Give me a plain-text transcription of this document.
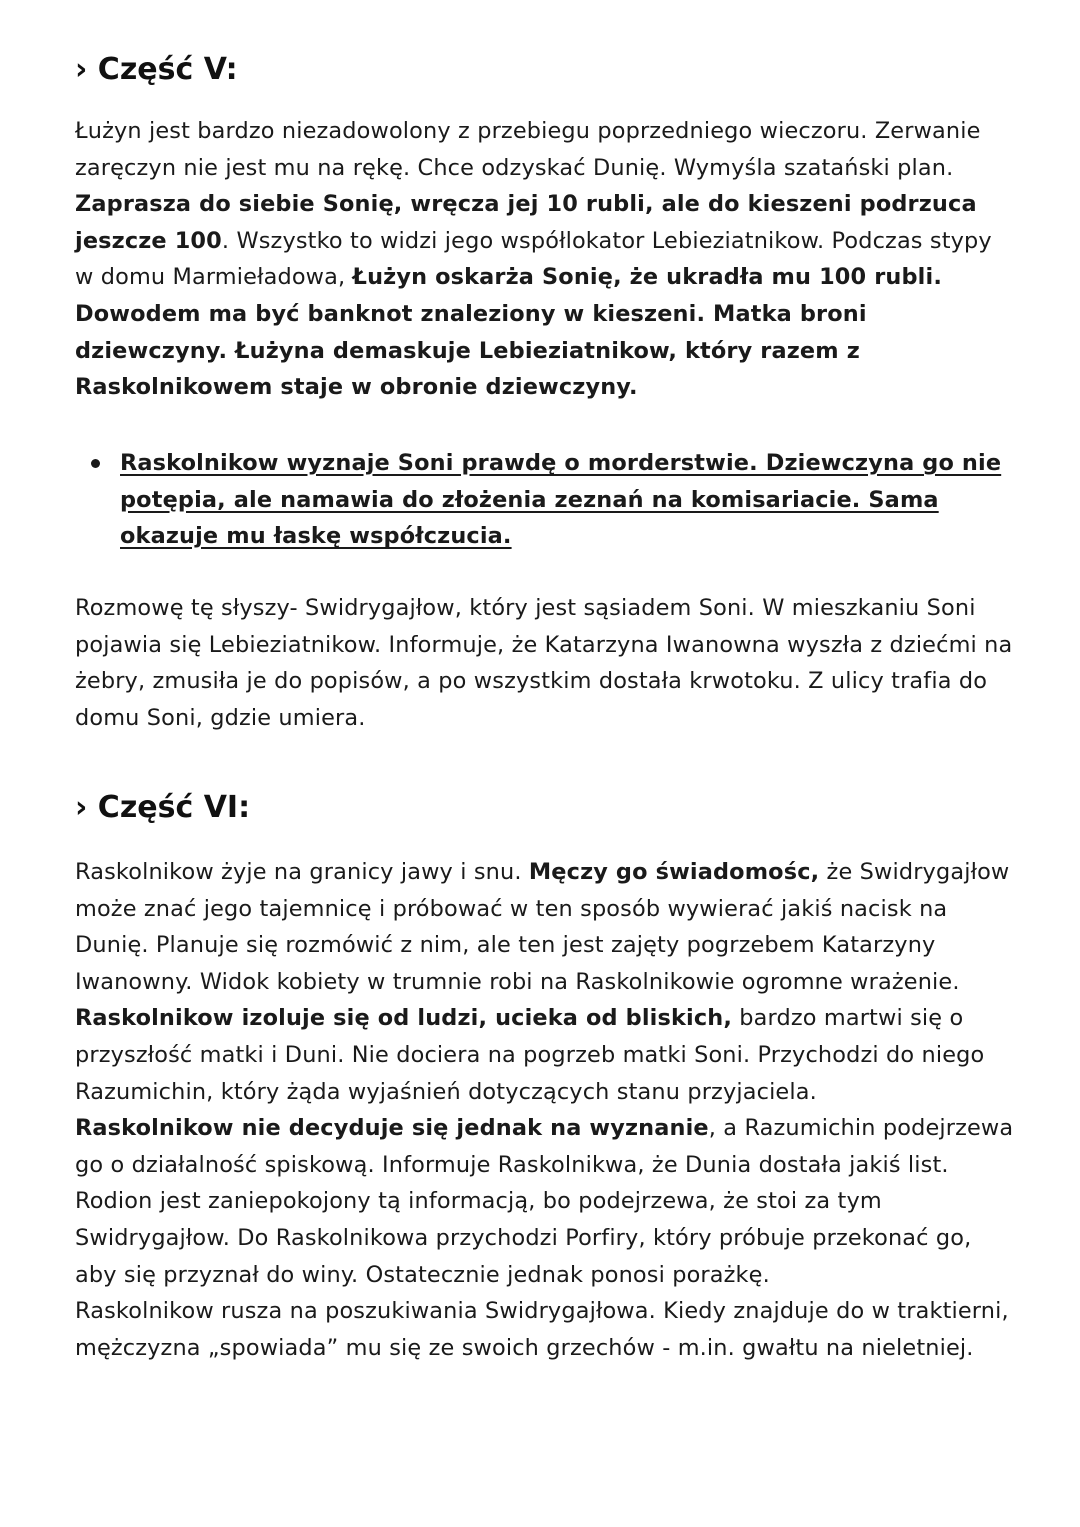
› Część V:

Łużyn jest bardzo niezadowolony z przebiegu poprzedniego wieczoru. Zerwanie zaręczyn nie jest mu na rękę. Chce odzyskać Dunię. Wymyśla szatański plan. Zaprasza do siebie Sonię, wręcza jej 10 rubli, ale do kieszeni podrzuca jeszcze 100. Wszystko to widzi jego współlokator Lebieziatnikow. Podczas stypy w domu Marmieładowa, Łużyn oskarża Sonię, że ukradła mu 100 rubli. Dowodem ma być banknot znaleziony w kieszeni. Matka broni dziewczyny. Łużyna demaskuje Lebieziatnikow, który razem z Raskolnikowem staje w obronie dziewczyny.

Raskolnikow wyznaje Soni prawdę o morderstwie. Dziewczyna go nie potępia, ale namawia do złożenia zeznań na komisariacie. Sama okazuje mu łaskę współczucia.

Rozmowę tę słyszy- Swidrygajłow, który jest sąsiadem Soni. W mieszkaniu Soni pojawia się Lebieziatnikow. Informuje, że Katarzyna Iwanowna wyszła z dziećmi na żebry, zmusiła je do popisów, a po wszystkim dostała krwotoku. Z ulicy trafia do domu Soni, gdzie umiera.

› Część VI:

Raskolnikow żyje na granicy jawy i snu. Męczy go świadomośc, że Swidrygajłow może znać jego tajemnicę i próbować w ten sposób wywierać jakiś nacisk na Dunię. Planuje się rozmówić z nim, ale ten jest zajęty pogrzebem Katarzyny Iwanowny. Widok kobiety w trumnie robi na Raskolnikowie ogromne wrażenie.
Raskolnikow izoluje się od ludzi, ucieka od bliskich, bardzo martwi się o przyszłość matki i Duni. Nie dociera na pogrzeb matki Soni. Przychodzi do niego Razumichin, który żąda wyjaśnień dotyczących stanu przyjaciela.
Raskolnikow nie decyduje się jednak na wyznanie, a Razumichin podejrzewa go o działalność spiskową. Informuje Raskolnikwa, że Dunia dostała jakiś list. Rodion jest zaniepokojony tą informacją, bo podejrzewa, że stoi za tym Swidrygajłow. Do Raskolnikowa przychodzi Porfiry, który próbuje przekonać go, aby się przyznał do winy. Ostatecznie jednak ponosi porażkę.
Raskolnikow rusza na poszukiwania Swidrygajłowa. Kiedy znajduje do w traktierni, mężczyzna „spowiada” mu się ze swoich grzechów - m.in. gwałtu na nieletniej.
